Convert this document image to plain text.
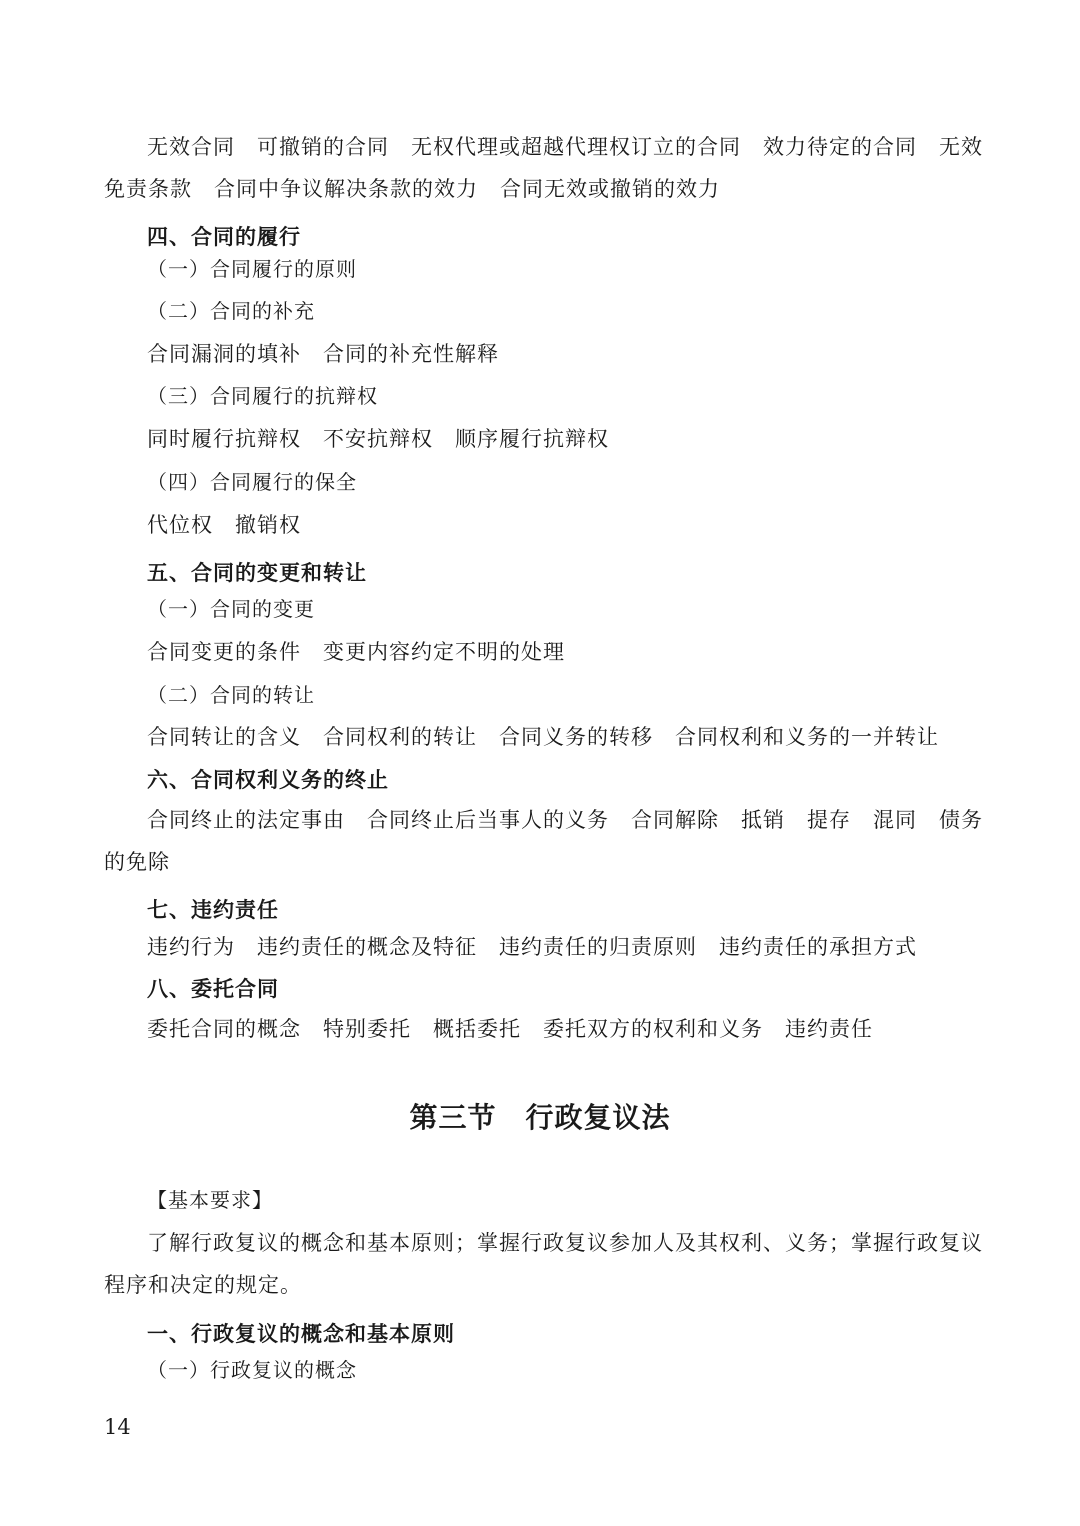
无效合同　可撤销的合同　无权代理或超越代理权订立的合同　效力待定的合同　无效
免责条款　合同中争议解决条款的效力　合同无效或撤销的效力
四、合同的履行
（一）合同履行的原则
（二）合同的补充
合同漏洞的填补　合同的补充性解释
（三）合同履行的抗辩权
同时履行抗辩权　不安抗辩权　顺序履行抗辩权
（四）合同履行的保全
代位权　撤销权
五、合同的变更和转让
（一）合同的变更
合同变更的条件　变更内容约定不明的处理
（二）合同的转让
合同转让的含义　合同权利的转让　合同义务的转移　合同权利和义务的一并转让
六、合同权利义务的终止
合同终止的法定事由　合同终止后当事人的义务　合同解除　抵销　提存　混同　债务
的免除
七、违约责任
违约行为　违约责任的概念及特征　违约责任的归责原则　违约责任的承担方式
八、委托合同
委托合同的概念　特别委托　概括委托　委托双方的权利和义务　违约责任
第三节　行政复议法
【基本要求】
了解行政复议的概念和基本原则；掌握行政复议参加人及其权利、义务；掌握行政复议
程序和决定的规定。
一、行政复议的概念和基本原则
（一）行政复议的概念
14
